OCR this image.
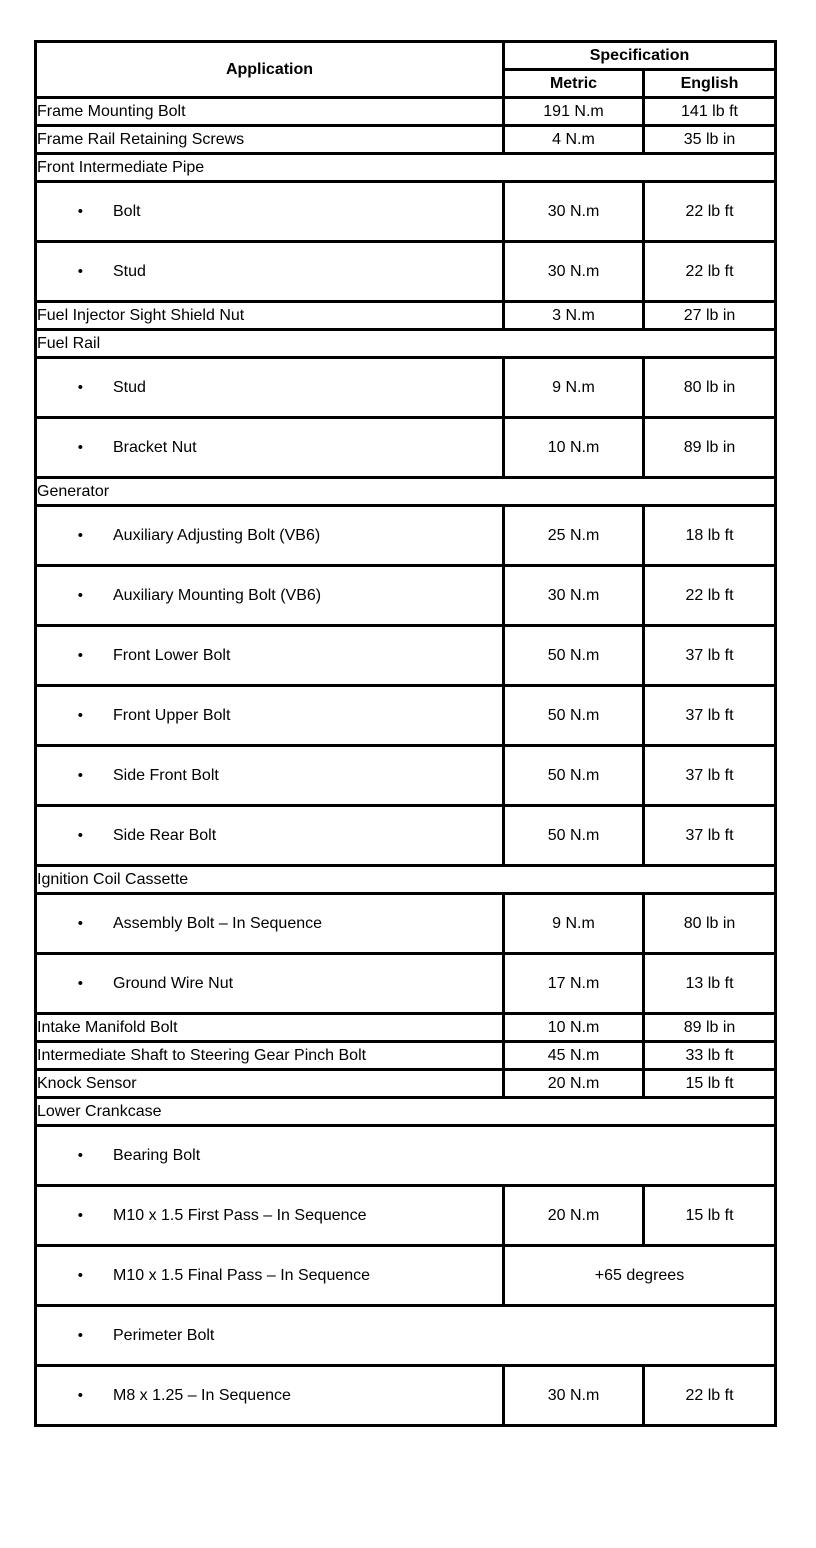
Application	Specification	
	Metric	English
Frame Mounting Bolt	191 N.m	141 lb ft
Frame Rail Retaining Screws	4 N.m	35 lb in
Front Intermediate Pipe		
•Bolt	30 N.m	22 lb ft
•Stud	30 N.m	22 lb ft
Fuel Injector Sight Shield Nut	3 N.m	27 lb in
Fuel Rail		
•Stud	9 N.m	80 lb in
•Bracket Nut	10 N.m	89 lb in
Generator		
•Auxiliary Adjusting Bolt (VB6)	25 N.m	18 lb ft
•Auxiliary Mounting Bolt (VB6)	30 N.m	22 lb ft
•Front Lower Bolt	50 N.m	37 lb ft
•Front Upper Bolt	50 N.m	37 lb ft
•Side Front Bolt	50 N.m	37 lb ft
•Side Rear Bolt	50 N.m	37 lb ft
Ignition Coil Cassette		
•Assembly Bolt – In Sequence	9 N.m	80 lb in
•Ground Wire Nut	17 N.m	13 lb ft
Intake Manifold Bolt	10 N.m	89 lb in
Intermediate Shaft to Steering Gear Pinch Bolt	45 N.m	33 lb ft
Knock Sensor	20 N.m	15 lb ft
Lower Crankcase		
•Bearing Bolt
•M10 x 1.5 First Pass – In Sequence	20 N.m	15 lb ft
•M10 x 1.5 Final Pass – In Sequence	+65 degrees	
•Perimeter Bolt
•M8 x 1.25 – In Sequence	30 N.m	22 lb ft
